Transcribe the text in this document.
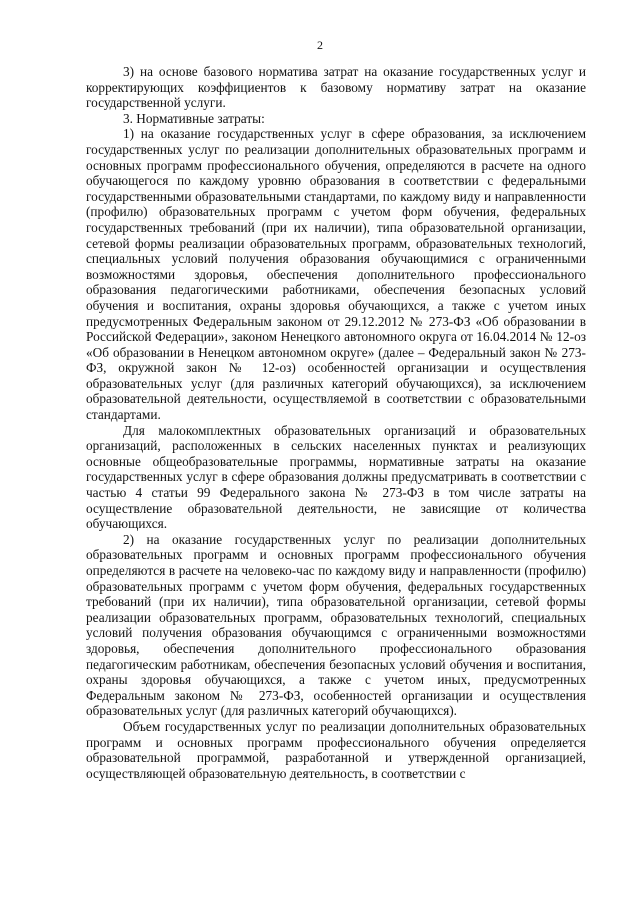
2

3) на основе базового норматива затрат на оказание государственных услуг и корректирующих коэффициентов к базовому нормативу затрат на оказание государственной услуги.

3. Нормативные затраты:

1) на оказание государственных услуг в сфере образования, за исключением государственных услуг по реализации дополнительных образовательных программ и основных программ профессионального обучения, определяются в расчете на одного обучающегося по каждому уровню образования в соответствии с федеральными государственными образовательными стандартами, по каждому виду и направленности (профилю) образовательных программ с учетом форм обучения, федеральных государственных требований (при их наличии), типа образовательной организации, сетевой формы реализации образовательных программ, образовательных технологий, специальных условий получения образования обучающимися с ограниченными возможностями здоровья, обеспечения дополнительного профессионального образования педагогическими работниками, обеспечения безопасных условий обучения и воспитания, охраны здоровья обучающихся, а также с учетом иных предусмотренных Федеральным законом от 29.12.2012 № 273-ФЗ «Об образовании в Российской Федерации», законом Ненецкого автономного округа от 16.04.2014 № 12-оз «Об образовании в Ненецком автономном округе» (далее – Федеральный закон № 273-ФЗ, окружной закон № 12-оз) особенностей организации и осуществления образовательных услуг (для различных категорий обучающихся), за исключением образовательной деятельности, осуществляемой в соответствии с образовательными стандартами.

Для малокомплектных образовательных организаций и образовательных организаций, расположенных в сельских населенных пунктах и реализующих основные общеобразовательные программы, нормативные затраты на оказание государственных услуг в сфере образования должны предусматривать в соответствии с частью 4 статьи 99 Федерального закона № 273-ФЗ в том числе затраты на осуществление образовательной деятельности, не зависящие от количества обучающихся.

2) на оказание государственных услуг по реализации дополнительных образовательных программ и основных программ профессионального обучения определяются в расчете на человеко-час по каждому виду и направленности (профилю) образовательных программ с учетом форм обучения, федеральных государственных требований (при их наличии), типа образовательной организации, сетевой формы реализации образовательных программ, образовательных технологий, специальных условий получения образования обучающимся с ограниченными возможностями здоровья, обеспечения дополнительного профессионального образования педагогическим работникам, обеспечения безопасных условий обучения и воспитания, охраны здоровья обучающихся, а также с учетом иных, предусмотренных Федеральным законом № 273-ФЗ, особенностей организации и осуществления образовательных услуг (для различных категорий обучающихся).

Объем государственных услуг по реализации дополнительных образовательных программ и основных программ профессионального обучения определяется образовательной программой, разработанной и утвержденной организацией, осуществляющей образовательную деятельность, в соответствии с
